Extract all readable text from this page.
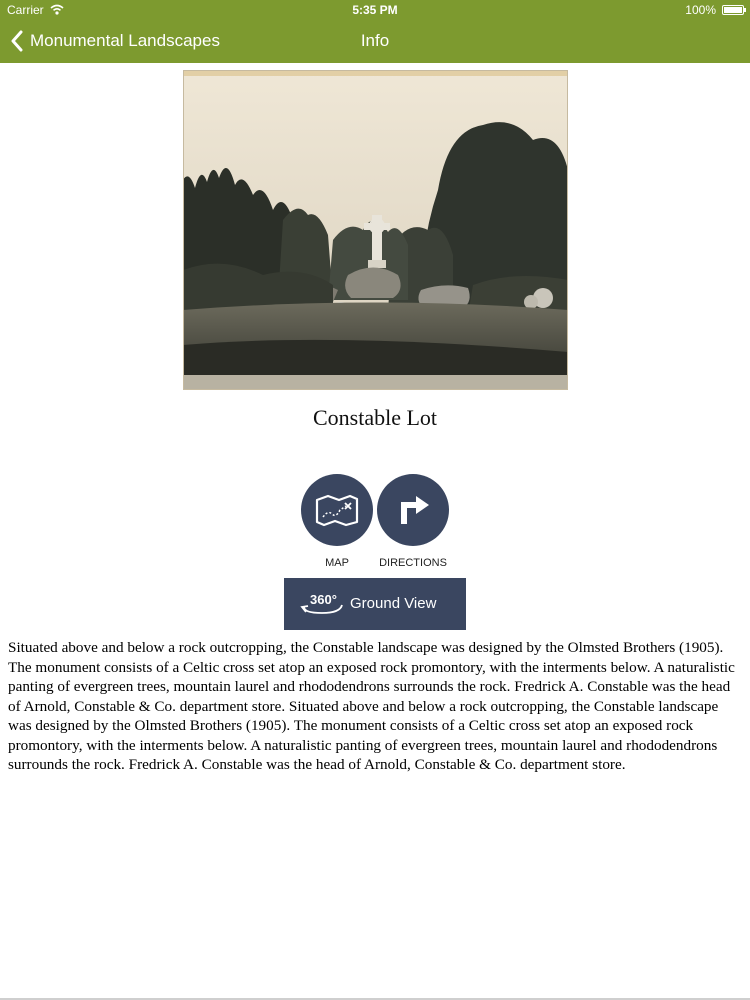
Carrier	5:35 PM	100%
Monumental Landscapes	Info
Constable Lot
MAP	DIRECTIONS
360° Ground View
Situated above and below a rock outcropping, the Constable landscape was designed by the Olmsted Brothers (1905). The monument consists of a Celtic cross set atop an exposed rock promontory, with the interments below. A naturalistic panting of evergreen trees, mountain laurel and rhododendrons surrounds the rock. Fredrick A. Constable was the head of Arnold, Constable & Co. department store. Situated above and below a rock outcropping, the Constable landscape was designed by the Olmsted Brothers (1905). The monument consists of a Celtic cross set atop an exposed rock promontory, with the interments below. A naturalistic panting of evergreen trees, mountain laurel and rhododendrons surrounds the rock. Fredrick A. Constable was the head of Arnold, Constable & Co. department store.
